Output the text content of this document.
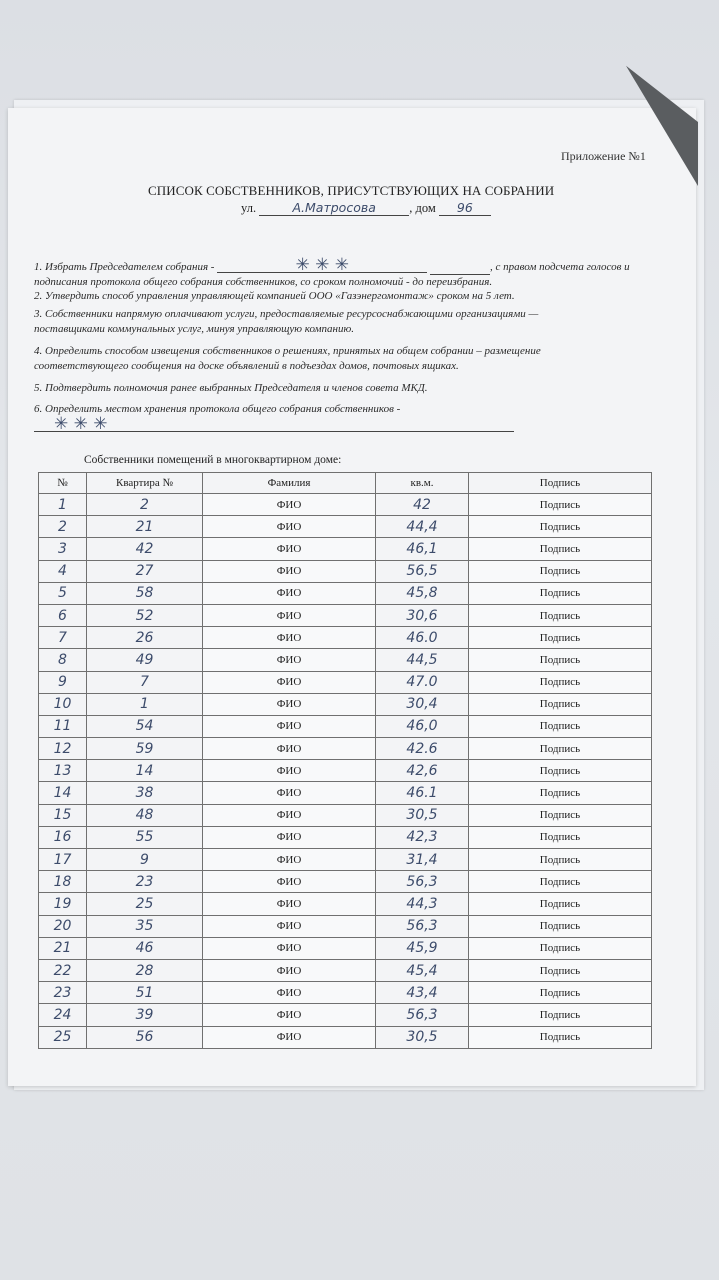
Приложение №1
СПИСОК СОБСТВЕННИКОВ, ПРИСУТСТВУЮЩИХ НА СОБРАНИИ
ул.	А.Матросова	, дом 96
1. Избрать Председателем собрания -	✳ ✳ ✳	, с правом подсчета голосов и
подписания протокола общего собрания собственников, со сроком полномочий - до переизбрания.
2. Утвердить способ управления управляющей компанией ООО «Газэнергомонтаж» сроком на 5 лет.
3. Собственники напрямую оплачивают услуги, предоставляемые ресурсоснабжающими организациями —
поставщиками коммунальных услуг, минуя управляющую компанию.
4. Определить способом извещения собственников о решениях, принятых на общем собрании – размещение
соответствующего сообщения на доске объявлений в подъездах домов, почтовых ящиках.
5. Подтвердить полномочия ранее выбранных Председателя и членов совета МКД.
6. Определить местом хранения протокола общего собрания собственников -
✳ ✳ ✳
Собственники помещений в многоквартирном доме:
№	Квартира №	Фамилия	кв.м.	Подпись
1	2	ФИО	42	Подпись
2	21	ФИО	44,4	Подпись
3	42	ФИО	46,1	Подпись
4	27	ФИО	56,5	Подпись
5	58	ФИО	45,8	Подпись
6	52	ФИО	30,6	Подпись
7	26	ФИО	46.0	Подпись
8	49	ФИО	44,5	Подпись
9	7	ФИО	47.0	Подпись
10	1	ФИО	30,4	Подпись
11	54	ФИО	46,0	Подпись
12	59	ФИО	42.6	Подпись
13	14	ФИО	42,6	Подпись
14	38	ФИО	46.1	Подпись
15	48	ФИО	30,5	Подпись
16	55	ФИО	42,3	Подпись
17	9	ФИО	31,4	Подпись
18	23	ФИО	56,3	Подпись
19	25	ФИО	44,3	Подпись
20	35	ФИО	56,3	Подпись
21	46	ФИО	45,9	Подпись
22	28	ФИО	45,4	Подпись
23	51	ФИО	43,4	Подпись
24	39	ФИО	56,3	Подпись
25	56	ФИО	30,5	Подпись
